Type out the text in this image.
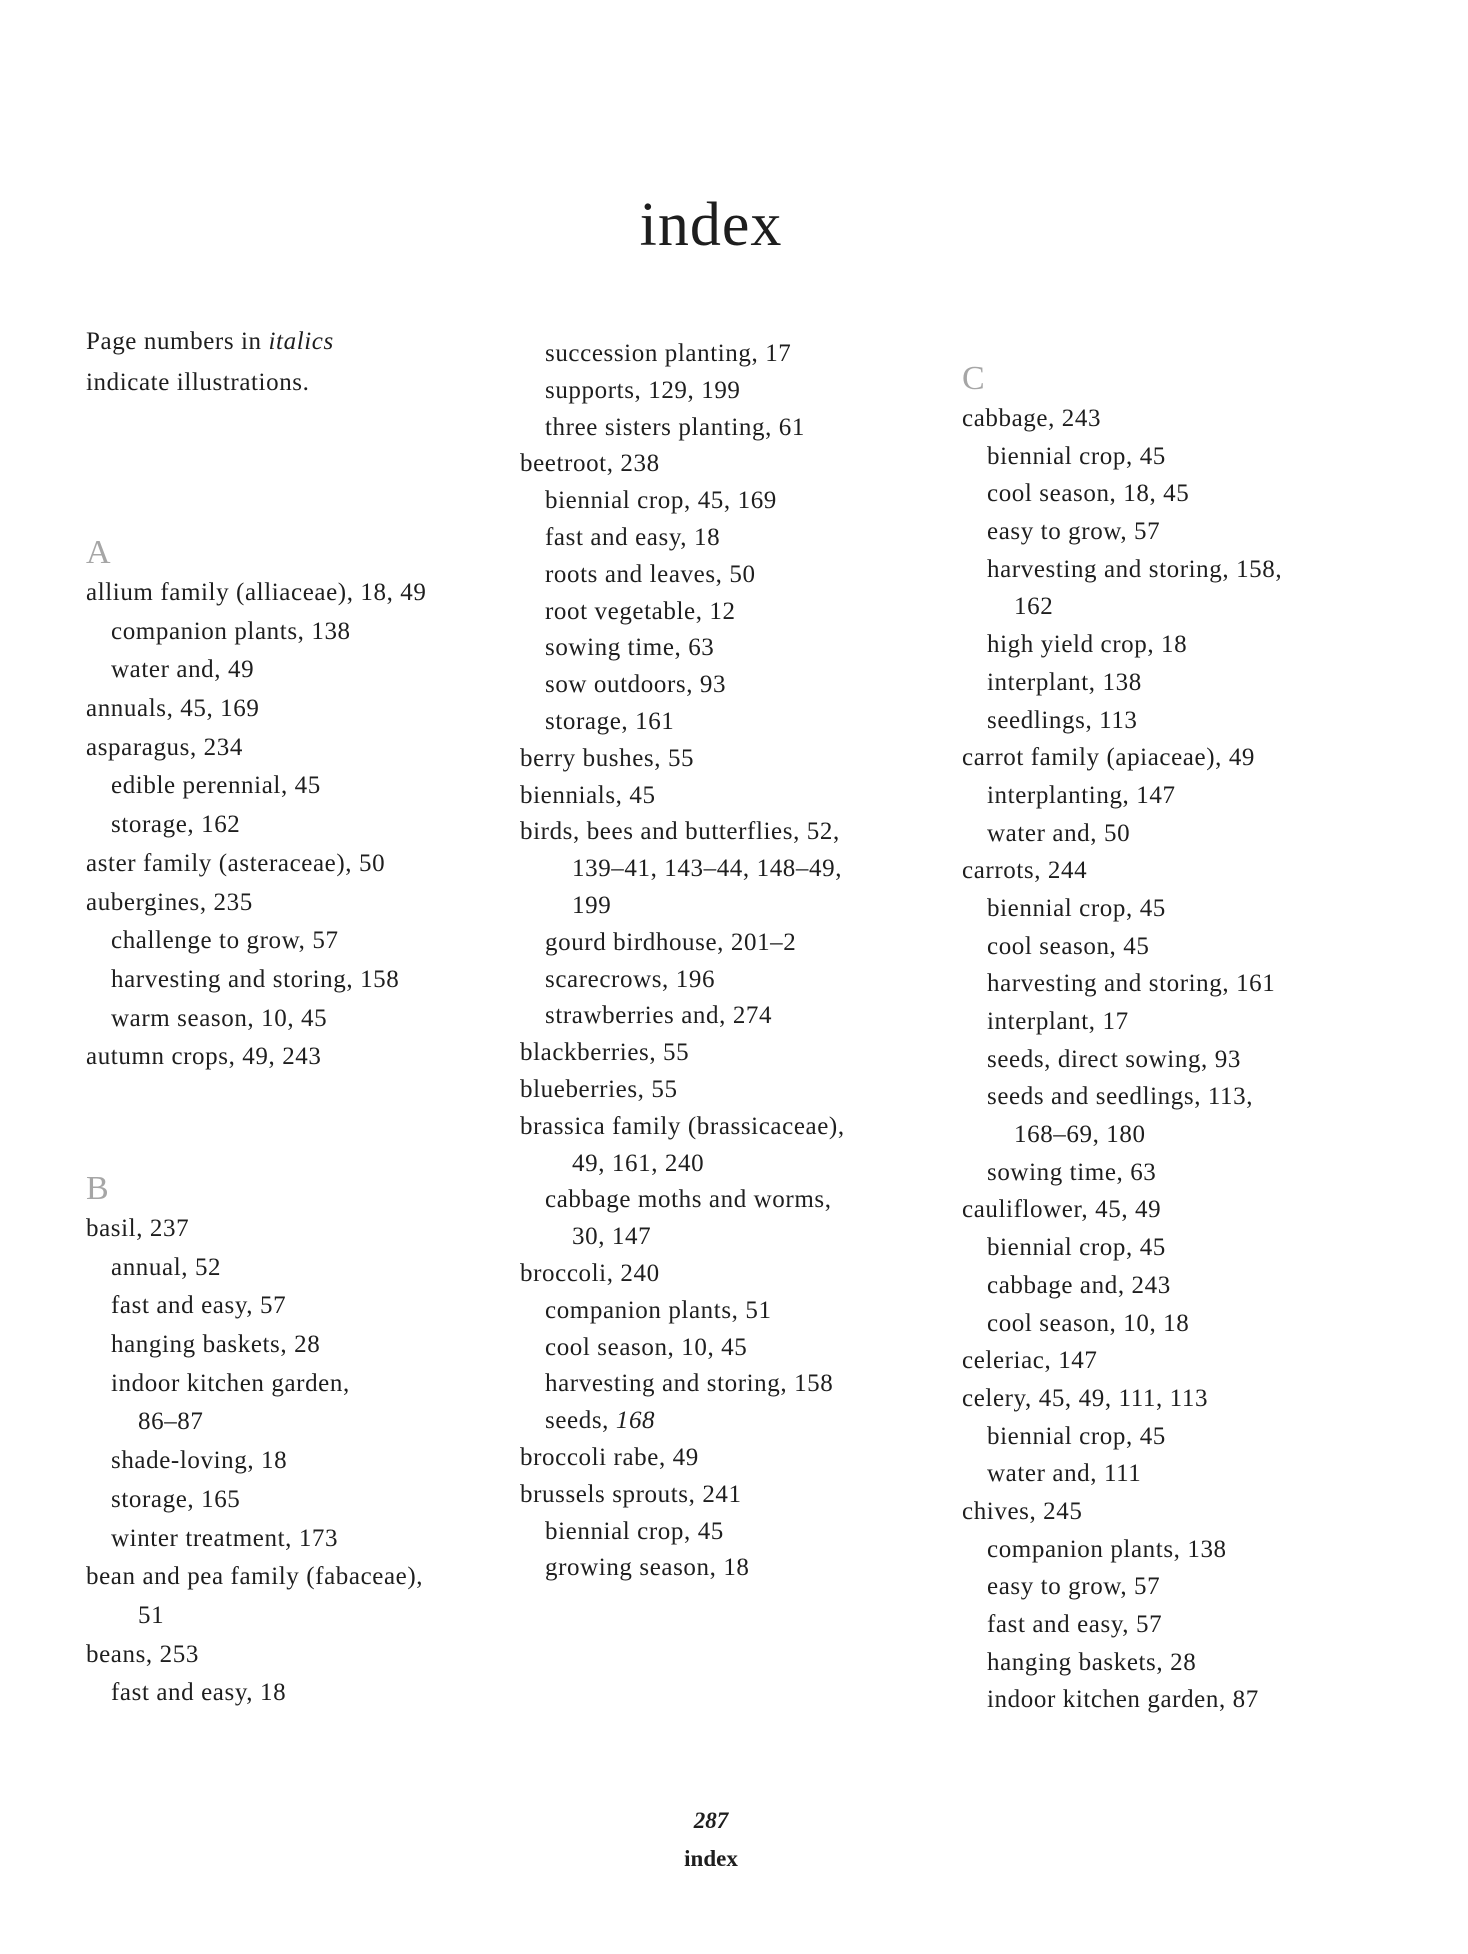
index
Page numbers in italics
indicate illustrations.
A
allium family (alliaceae), 18, 49
companion plants, 138
water and, 49
annuals, 45, 169
asparagus, 234
edible perennial, 45
storage, 162
aster family (asteraceae), 50
aubergines, 235
challenge to grow, 57
harvesting and storing, 158
warm season, 10, 45
autumn crops, 49, 243
B
basil, 237
annual, 52
fast and easy, 57
hanging baskets, 28
indoor kitchen garden,
86–87
shade-loving, 18
storage, 165
winter treatment, 173
bean and pea family (fabaceae),
51
beans, 253
fast and easy, 18
succession planting, 17
supports, 129, 199
three sisters planting, 61
beetroot, 238
biennial crop, 45, 169
fast and easy, 18
roots and leaves, 50
root vegetable, 12
sowing time, 63
sow outdoors, 93
storage, 161
berry bushes, 55
biennials, 45
birds, bees and butterflies, 52,
139–41, 143–44, 148–49,
199
gourd birdhouse, 201–2
scarecrows, 196
strawberries and, 274
blackberries, 55
blueberries, 55
brassica family (brassicaceae),
49, 161, 240
cabbage moths and worms,
30, 147
broccoli, 240
companion plants, 51
cool season, 10, 45
harvesting and storing, 158
seeds, 168
broccoli rabe, 49
brussels sprouts, 241
biennial crop, 45
growing season, 18
C
cabbage, 243
biennial crop, 45
cool season, 18, 45
easy to grow, 57
harvesting and storing, 158,
162
high yield crop, 18
interplant, 138
seedlings, 113
carrot family (apiaceae), 49
interplanting, 147
water and, 50
carrots, 244
biennial crop, 45
cool season, 45
harvesting and storing, 161
interplant, 17
seeds, direct sowing, 93
seeds and seedlings, 113,
168–69, 180
sowing time, 63
cauliflower, 45, 49
biennial crop, 45
cabbage and, 243
cool season, 10, 18
celeriac, 147
celery, 45, 49, 111, 113
biennial crop, 45
water and, 111
chives, 245
companion plants, 138
easy to grow, 57
fast and easy, 57
hanging baskets, 28
indoor kitchen garden, 87
287
index
